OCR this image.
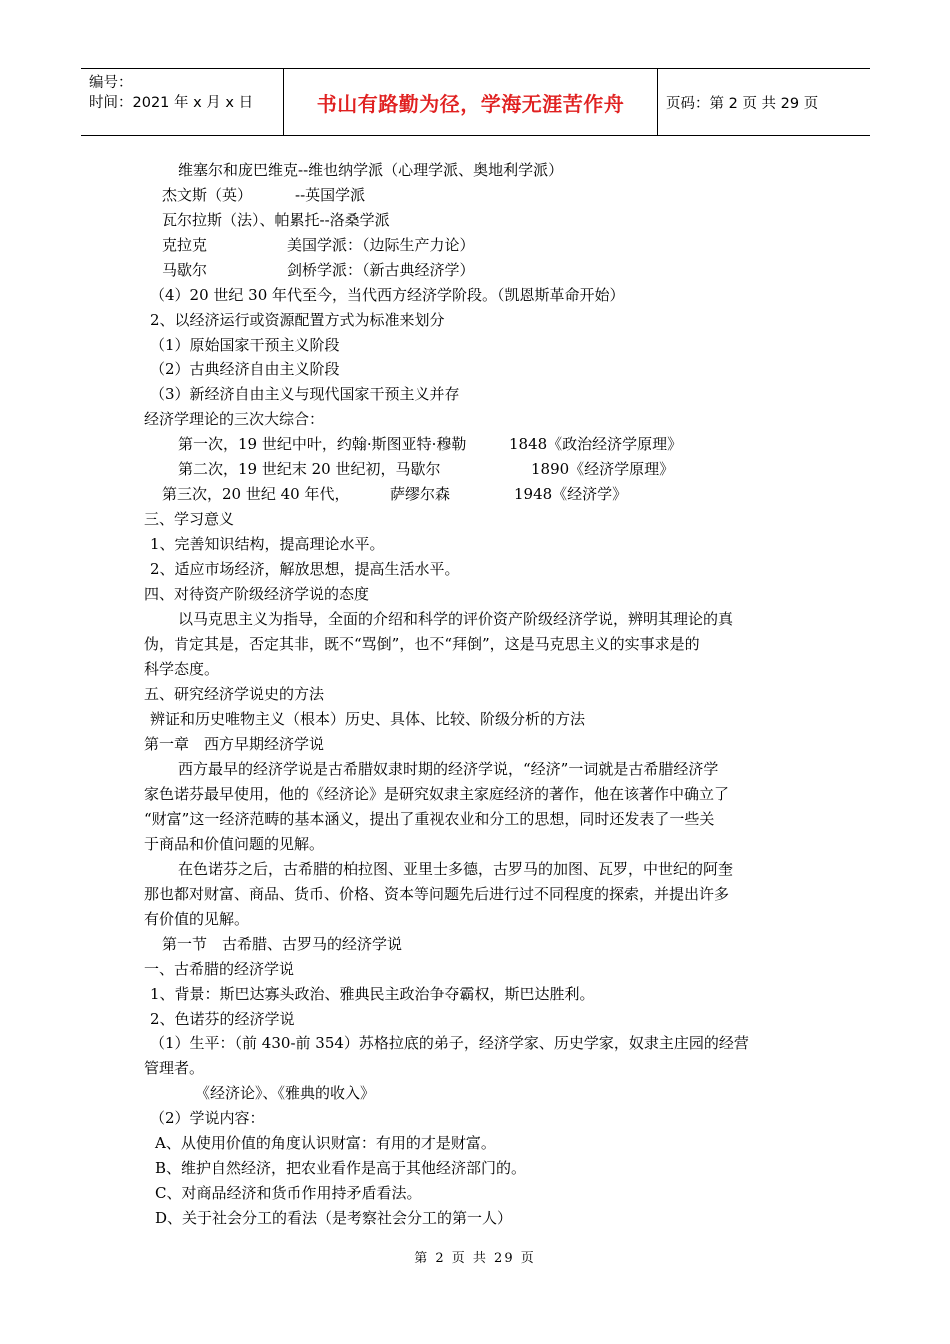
编号：
时间：2021 年 x 月 x 日	书山有路勤为径，学海无涯苦作舟	页码：第 2 页 共 29 页
维塞尔和庞巴维克--维也纳学派（心理学派、奥地利学派）
杰文斯（英）	--英国学派
瓦尔拉斯（法）、帕累托--洛桑学派
克拉克	美国学派：（边际生产力论）
马歇尔	剑桥学派：（新古典经济学）
（4）20 世纪 30 年代至今，当代西方经济学阶段。（凯恩斯革命开始）
2、以经济运行或资源配置方式为标准来划分
（1）原始国家干预主义阶段
（2）古典经济自由主义阶段
（3）新经济自由主义与现代国家干预主义并存
经济学理论的三次大综合：
第一次，19 世纪中叶，约翰·斯图亚特·穆勒	1848《政治经济学原理》
第二次，19 世纪末 20 世纪初，马歇尔	1890《经济学原理》
第三次，20 世纪 40 年代，	萨缪尔森	1948《经济学》
三、学习意义
1、完善知识结构，提高理论水平。
2、适应市场经济，解放思想，提高生活水平。
四、对待资产阶级经济学说的态度
以马克思主义为指导，全面的介绍和科学的评价资产阶级经济学说，辨明其理论的真
伪，肯定其是，否定其非，既不“骂倒”，也不“拜倒”，这是马克思主义的实事求是的
科学态度。
五、研究经济学说史的方法
辨证和历史唯物主义（根本）历史、具体、比较、阶级分析的方法
第一章　西方早期经济学说
西方最早的经济学说是古希腊奴隶时期的经济学说，“经济”一词就是古希腊经济学
家色诺芬最早使用，他的《经济论》是研究奴隶主家庭经济的著作，他在该著作中确立了
“财富”这一经济范畴的基本涵义，提出了重视农业和分工的思想，同时还发表了一些关
于商品和价值问题的见解。
在色诺芬之后，古希腊的柏拉图、亚里士多德，古罗马的加图、瓦罗，中世纪的阿奎
那也都对财富、商品、货币、价格、资本等问题先后进行过不同程度的探索，并提出许多
有价值的见解。
第一节　古希腊、古罗马的经济学说
一、古希腊的经济学说
1、背景：斯巴达寡头政治、雅典民主政治争夺霸权，斯巴达胜利。
2、色诺芬的经济学说
（1）生平：（前 430-前 354）苏格拉底的弟子，经济学家、历史学家，奴隶主庄园的经营
管理者。
《经济论》、《雅典的收入》
（2）学说内容：
A、从使用价值的角度认识财富：有用的才是财富。
B、维护自然经济，把农业看作是高于其他经济部门的。
C、对商品经济和货币作用持矛盾看法。
D、关于社会分工的看法（是考察社会分工的第一人）
第 2 页 共 29 页
